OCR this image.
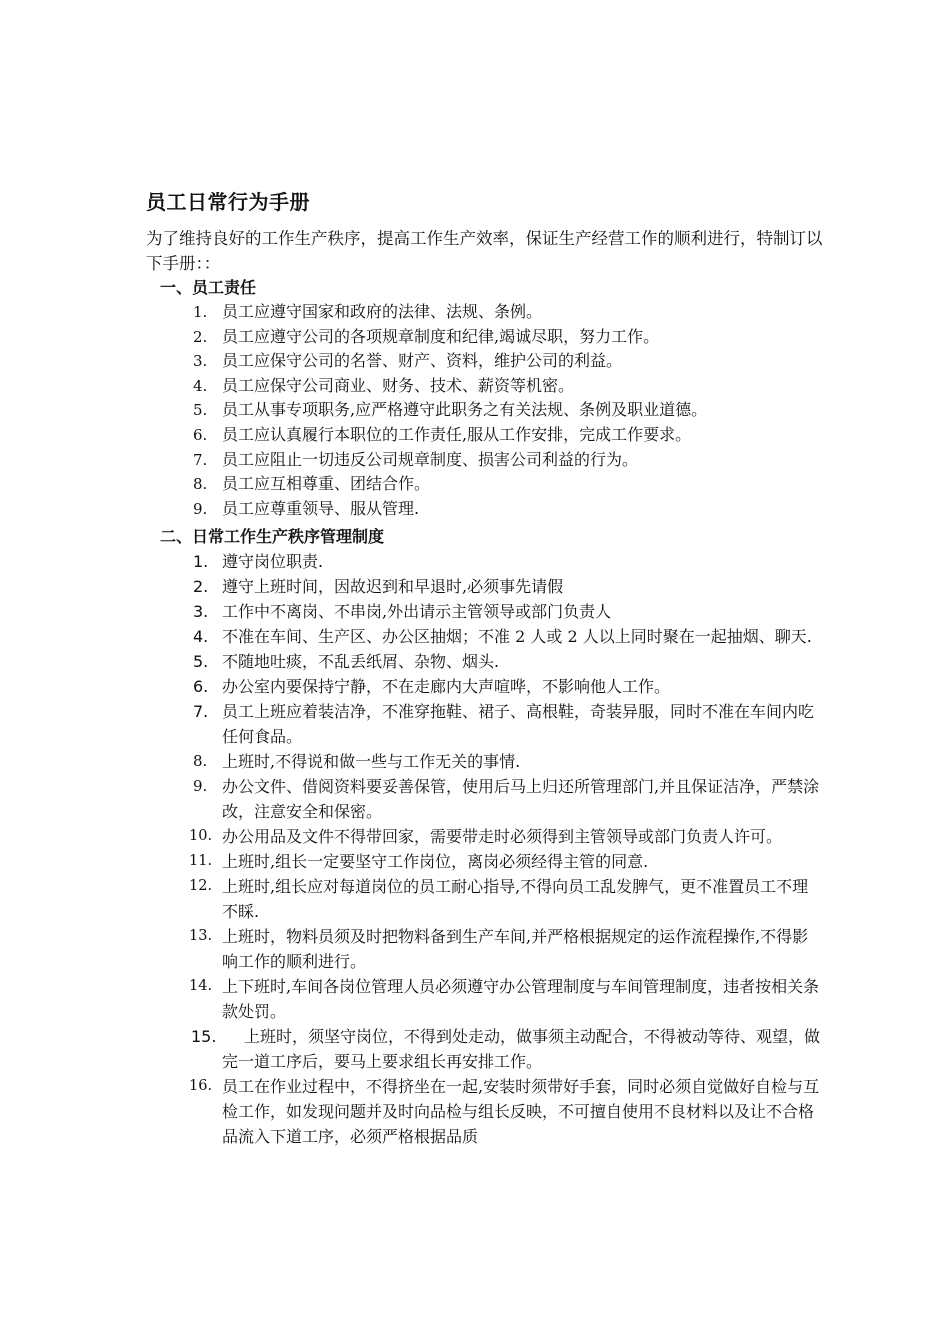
员工日常行为手册
为了维持良好的工作生产秩序，提高工作生产效率，保证生产经营工作的顺利进行，特制订以下手册：：
一、员工责任
1. 员工应遵守国家和政府的法律、法规、条例。
2. 员工应遵守公司的各项规章制度和纪律,竭诚尽职，努力工作。
3. 员工应保守公司的名誉、财产、资料，维护公司的利益。
4. 员工应保守公司商业、财务、技术、薪资等机密。
5. 员工从事专项职务,应严格遵守此职务之有关法规、条例及职业道德。
6. 员工应认真履行本职位的工作责任,服从工作安排，完成工作要求。
7. 员工应阻止一切违反公司规章制度、损害公司利益的行为。
8. 员工应互相尊重、团结合作。
9. 员工应尊重领导、服从管理.
二、日常工作生产秩序管理制度
1. 遵守岗位职责.
2. 遵守上班时间，因故迟到和早退时,必须事先请假
3. 工作中不离岗、不串岗,外出请示主管领导或部门负责人
4. 不准在车间、生产区、办公区抽烟；不准 2 人或 2 人以上同时聚在一起抽烟、聊天.
5. 不随地吐痰，不乱丢纸屑、杂物、烟头.
6. 办公室内要保持宁静，不在走廊内大声喧哗，不影响他人工作。
7. 员工上班应着装洁净，不准穿拖鞋、裙子、高根鞋，奇装异服，同时不准在车间内吃任何食品。
8. 上班时,不得说和做一些与工作无关的事情.
9. 办公文件、借阅资料要妥善保管，使用后马上归还所管理部门,并且保证洁净，严禁涂改，注意安全和保密。
10. 办公用品及文件不得带回家，需要带走时必须得到主管领导或部门负责人许可。
11. 上班时,组长一定要坚守工作岗位，离岗必须经得主管的同意.
12. 上班时,组长应对每道岗位的员工耐心指导,不得向员工乱发脾气，更不准置员工不理不睬.
13. 上班时，物料员须及时把物料备到生产车间,并严格根据规定的运作流程操作,不得影响工作的顺利进行。
14. 上下班时,车间各岗位管理人员必须遵守办公管理制度与车间管理制度，违者按相关条款处罚。
15.	上班时，须坚守岗位，不得到处走动，做事须主动配合，不得被动等待、观望，做完一道工序后，要马上要求组长再安排工作。
16. 员工在作业过程中，不得挤坐在一起,安装时须带好手套，同时必须自觉做好自检与互检工作，如发现问题并及时向品检与组长反映，不可擅自使用不良材料以及让不合格品流入下道工序，必须严格根据品质
